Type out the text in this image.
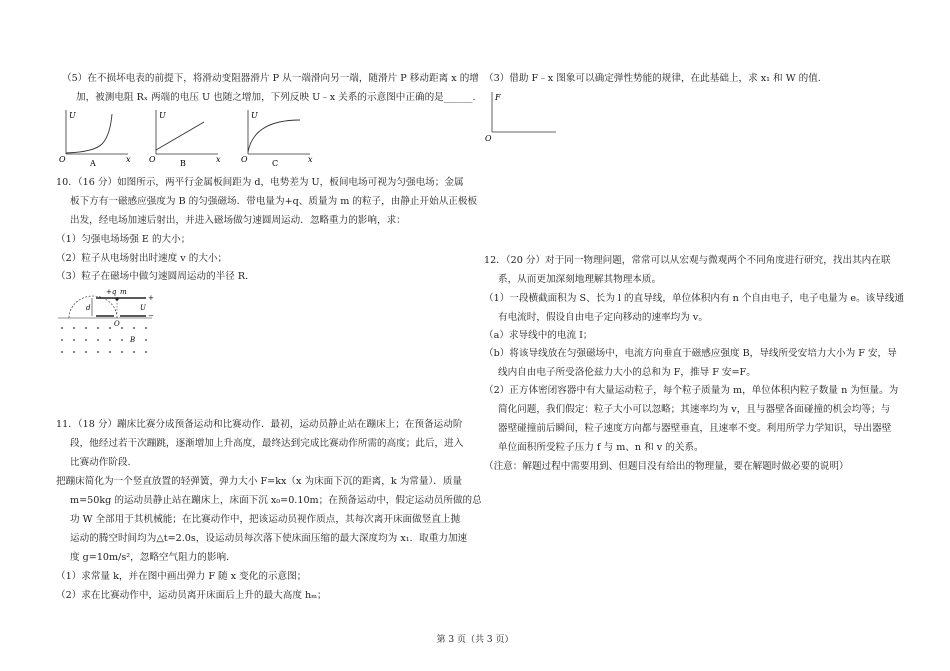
（5）在不损坏电表的前提下，将滑动变阻器滑片 P 从一端滑向另一端，随滑片 P 移动距离 x 的增
加，被测电阻 Rₓ 两端的电压 U 也随之增加，下列反映 U﹣x 关系的示意图中正确的是______.
U
x
O	A
U
x
O	B
U
x
O	C
10．（16 分）如图所示，两平行金属板间距为 d，电势差为 U，板间电场可视为匀强电场；金属
板下方有一磁感应强度为 B 的匀强磁场．带电量为+q、质量为 m 的粒子，由静止开始从正极板
出发，经电场加速后射出，并进入磁场做匀速圆周运动．忽略重力的影响，求：
（1）匀强电场场强 E 的大小；
（2）粒子从电场射出时速度 v 的大小；
（3）粒子在磁场中做匀速圆周运动的半径 R．
+q m
+
−
d	U
O
B
11．（18 分）蹦床比赛分成预备运动和比赛动作．最初，运动员静止站在蹦床上；在预备运动阶
段，他经过若干次蹦跳，逐渐增加上升高度，最终达到完成比赛动作所需的高度；此后，进入
比赛动作阶段.
把蹦床简化为一个竖直放置的轻弹簧，弹力大小 F=kx（x 为床面下沉的距离，k 为常量）．质量
m=50kg 的运动员静止站在蹦床上，床面下沉 x₀=0.10m；在预备运动中，假定运动员所做的总
功 W 全部用于其机械能；在比赛动作中，把该运动员视作质点，其每次离开床面做竖直上抛
运动的腾空时间均为△t=2.0s，设运动员每次落下使床面压缩的最大深度均为 x₁．取重力加速
度 g=10m/s²，忽略空气阻力的影响．
（1）求常量 k，并在图中画出弹力 F 随 x 变化的示意图；
（2）求在比赛动作中，运动员离开床面后上升的最大高度 hₘ；
（3）借助 F﹣x 图象可以确定弹性势能的规律，在此基础上，求 x₁ 和 W 的值.
F
O
12．（20 分）对于同一物理问题，常常可以从宏观与微观两个不同角度进行研究，找出其内在联
系，从而更加深刻地理解其物理本质。
（1）一段横截面积为 S、长为 l 的直导线，单位体积内有 n 个自由电子，电子电量为 e。该导线通
有电流时，假设自由电子定向移动的速率均为 v。
（a）求导线中的电流 I；
（b）将该导线放在匀强磁场中，电流方向垂直于磁感应强度 B，导线所受安培力大小为 F 安，导
线内自由电子所受洛伦兹力大小的总和为 F，推导 F 安=F。
（2）正方体密闭容器中有大量运动粒子，每个粒子质量为 m，单位体积内粒子数量 n 为恒量。为
简化问题，我们假定：粒子大小可以忽略；其速率均为 v，且与器壁各面碰撞的机会均等；与
器壁碰撞前后瞬间，粒子速度方向都与器壁垂直，且速率不变。利用所学力学知识，导出器壁
单位面积所受粒子压力 f 与 m、n 和 v 的关系。
（注意：解题过程中需要用到、但题目没有给出的物理量，要在解题时做必要的说明）
第 3 页（共 3 页）
